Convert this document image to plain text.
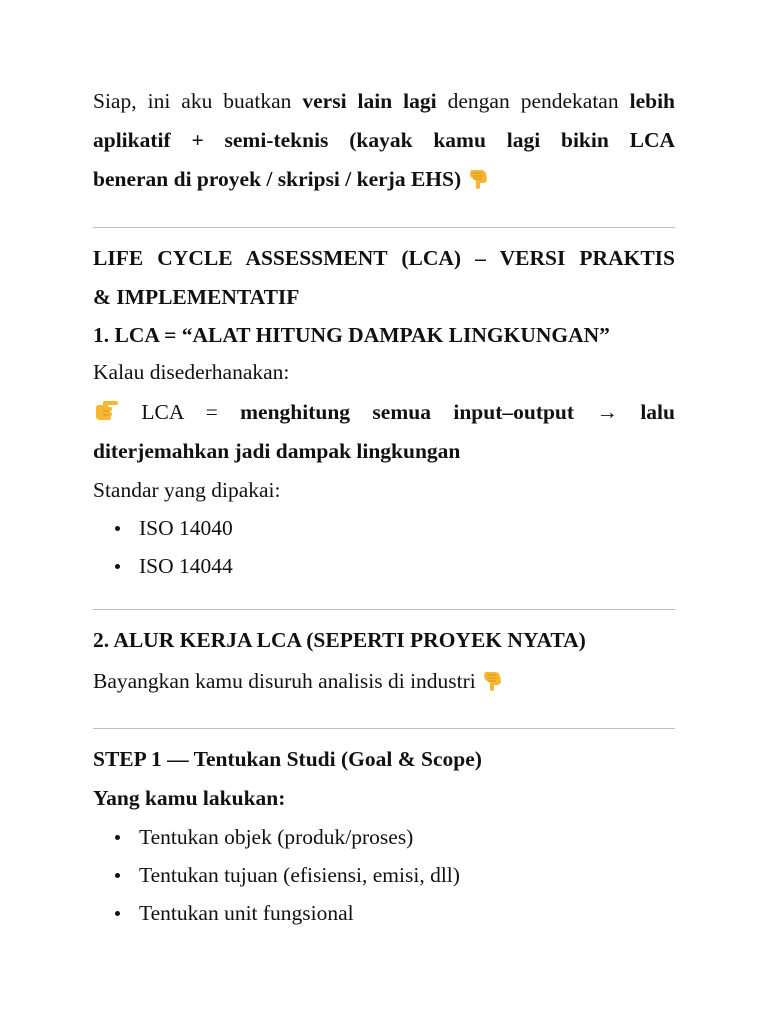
Siap, ini aku buatkan versi lain lagi dengan pendekatan lebih
aplikatif + semi-teknis (kayak kamu lagi bikin LCA
beneran di proyek / skripsi / kerja EHS)
LIFE CYCLE ASSESSMENT (LCA) – VERSI PRAKTIS
& IMPLEMENTATIF
1. LCA = “ALAT HITUNG DAMPAK LINGKUNGAN”
Kalau disederhanakan:
LCA = menghitung semua input–output → lalu
diterjemahkan jadi dampak lingkungan
Standar yang dipakai:
ISO 14040
ISO 14044
2. ALUR KERJA LCA (SEPERTI PROYEK NYATA)
Bayangkan kamu disuruh analisis di industri
STEP 1 — Tentukan Studi (Goal & Scope)
Yang kamu lakukan:
Tentukan objek (produk/proses)
Tentukan tujuan (efisiensi, emisi, dll)
Tentukan unit fungsional
